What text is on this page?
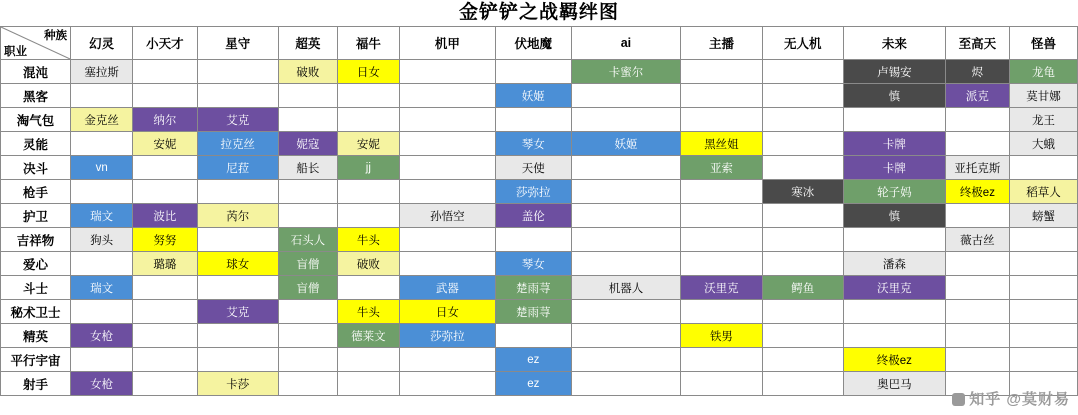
金铲铲之战羁绊图
种族
职业	幻灵	小天才	星守	超英	福牛	机甲	伏地魔	ai	主播	无人机	未来	至高天	怪兽
混沌	塞拉斯			破败	日女			卡蜜尔			卢锡安	烬	龙龟
黑客							妖姬				慎	派克	莫甘娜
淘气包	金克丝	纳尔	艾克										龙王
灵能		安妮	拉克丝	妮寇	安妮		琴女	妖姬	黑丝姐		卡牌		大蛾
决斗	vn		尼菈	船长	jj		天使		亚索		卡牌	亚托克斯	
枪手							莎弥拉			寒冰	轮子妈	终极ez	稻草人
护卫	瑞文	波比	芮尔			孙悟空	盖伦				慎		螃蟹
吉祥物	狗头	努努		石头人	牛头							薇古丝	
爱心		璐璐	球女	盲僧	破败		琴女				潘森		
斗士	瑞文			盲僧		武器	楚雨荨	机器人	沃里克	鳄鱼	沃里克		
秘术卫士			艾克		牛头	日女	楚雨荨						
精英	女枪				德莱文	莎弥拉			铁男				
平行宇宙							ez				终极ez		
射手	女枪		卡莎				ez				奥巴马		
知乎 @莫财易
